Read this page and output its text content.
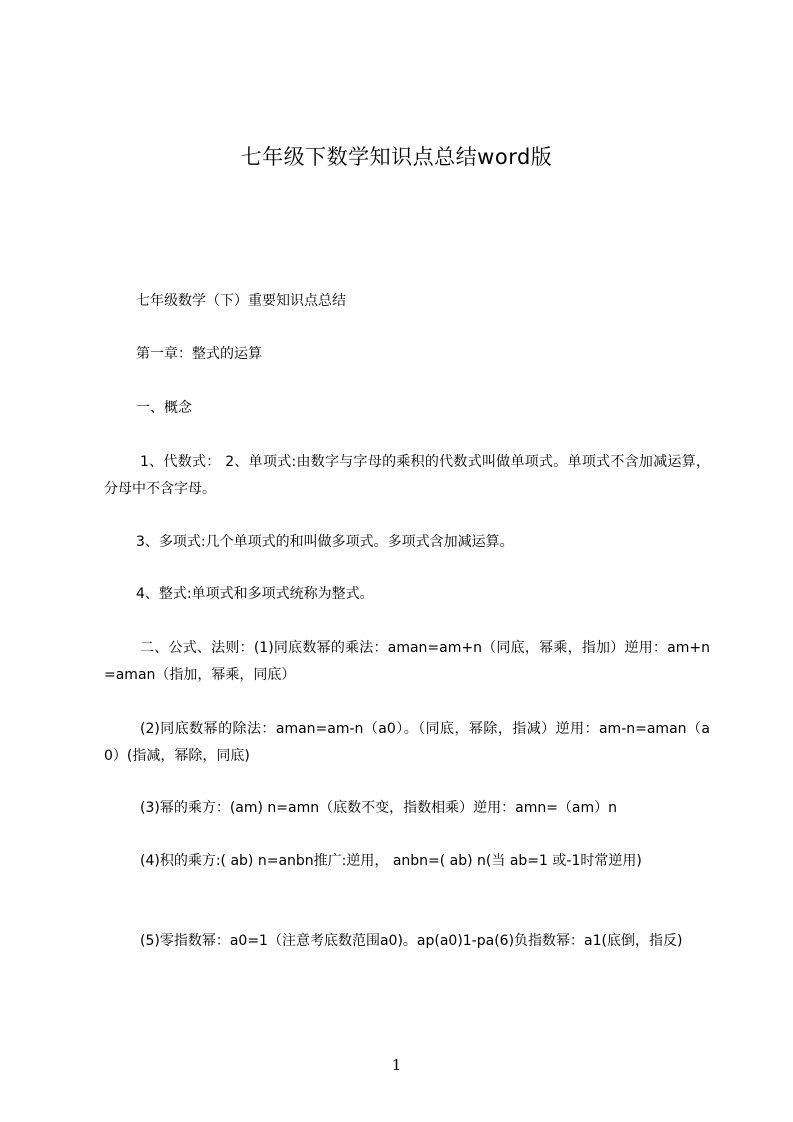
七年级下数学知识点总结word版

七年级数学（下）重要知识点总结

第一章：整式的运算

一、概念

1、代数式： 2、单项式:由数字与字母的乘积的代数式叫做单项式。单项式不含加减运算，分母中不含字母。

3、多项式:几个单项式的和叫做多项式。多项式含加减运算。

4、整式:单项式和多项式统称为整式。

二、公式、法则：(1)同底数幂的乘法：aman=am+n（同底，幂乘，指加）逆用：am+n=aman（指加，幂乘，同底）

(2)同底数幂的除法：aman=am-n（a0）。（同底，幂除，指减）逆用：am-n=aman（a0）(指减，幂除，同底)

(3)幂的乘方：(am) n=amn（底数不变，指数相乘）逆用：amn=（am）n

(4)积的乘方:( ab) n=anbn推广:逆用， anbn=( ab) n(当 ab=1 或-1时常逆用)

(5)零指数幂：a0=1（注意考底数范围a0)。ap(a0)1-pa(6)负指数幂：a1(底倒，指反)

1
